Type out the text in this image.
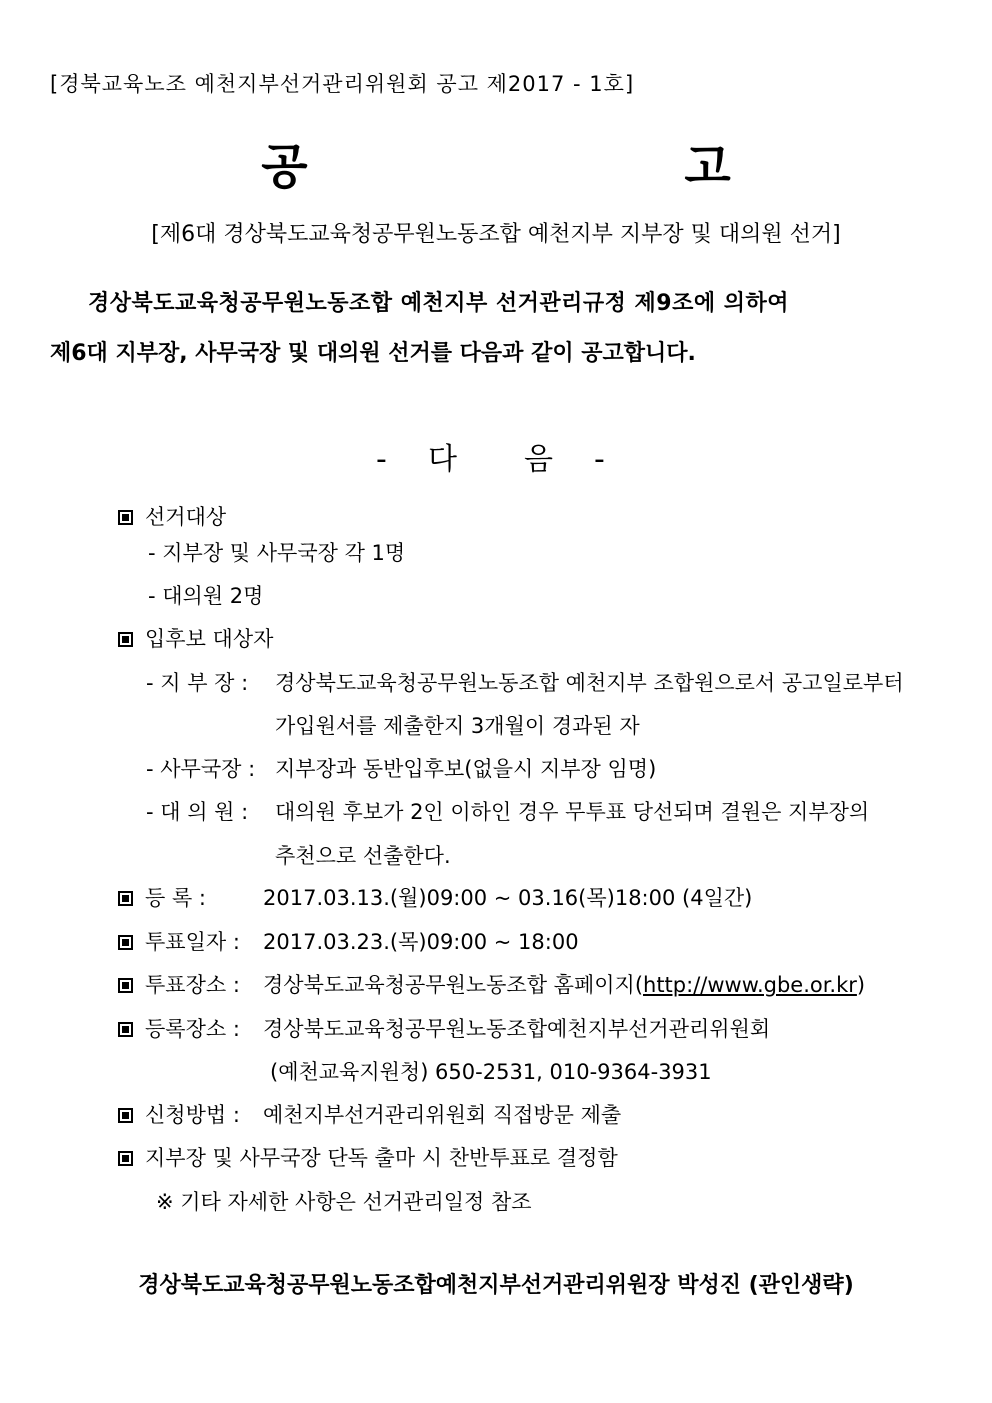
[경북교육노조 예천지부선거관리위원회 공고 제2017 - 1호]
공 고
[제6대 경상북도교육청공무원노동조합 예천지부 지부장 및 대의원 선거]
경상북도교육청공무원노동조합 예천지부 선거관리규정 제9조에 의하여
제6대 지부장, 사무국장 및 대의원 선거를 다음과 같이 공고합니다.
- 다 음 -
선거대상
- 지부장 및 사무국장 각 1명
- 대의원 2명
입후보 대상자
- 지 부 장 : 경상북도교육청공무원노동조합 예천지부 조합원으로서 공고일로부터
가입원서를 제출한지 3개월이 경과된 자
- 사무국장 : 지부장과 동반입후보(없을시 지부장 임명)
- 대 의 원 : 대의원 후보가 2인 이하인 경우 무투표 당선되며 결원은 지부장의
추천으로 선출한다.
등 록 :	2017.03.13.(월)09:00 ~ 03.16(목)18:00 (4일간)
투표일자 : 2017.03.23.(목)09:00 ~ 18:00
투표장소 : 경상북도교육청공무원노동조합 홈페이지(http://www.gbe.or.kr)
등록장소 : 경상북도교육청공무원노동조합예천지부선거관리위원회
(예천교육지원청) 650-2531, 010-9364-3931
신청방법 : 예천지부선거관리위원회 직접방문 제출
지부장 및 사무국장 단독 출마 시 찬반투표로 결정함
※ 기타 자세한 사항은 선거관리일정 참조
경상북도교육청공무원노동조합예천지부선거관리위원장 박성진 (관인생략)
